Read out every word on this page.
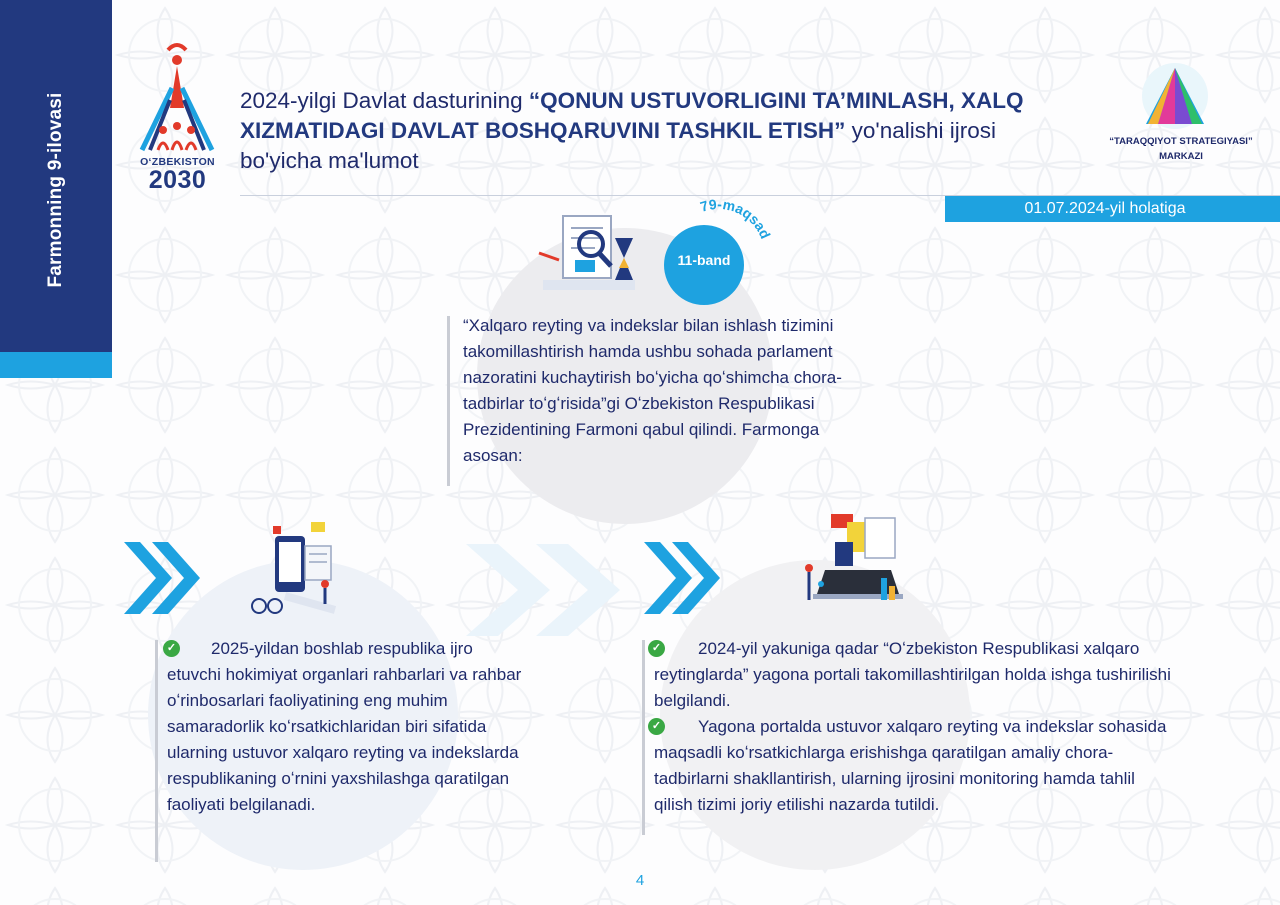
Farmonning 9-ilovasi	OʻZBEKISTON
2030
2024-yilgi Davlat dasturining “QONUN USTUVORLIGINI TA’MINLASH, XALQ XIZMATIDAGI DAVLAT BOSHQARUVINI TASHKIL ETISH” yo'nalishi ijrosi bo'yicha ma'lumot
“TARAQQIYOT STRATEGIYASI”
MARKAZI
01.07.2024-yil holatiga
11-band
79-maqsad
“Xalqaro reyting va indekslar bilan ishlash tizimini takomillashtirish hamda ushbu sohada parlament nazoratini kuchaytirish boʻyicha qoʻshimcha chora-tadbirlar toʻgʻrisida”gi Oʻzbekiston Respublikasi Prezidentining Farmoni qabul qilindi. Farmonga asosan:
✓	2025-yildan boshlab respublika ijro etuvchi hokimiyat organlari rahbarlari va rahbar oʻrinbosarlari faoliyatining eng muhim samaradorlik koʻrsatkichlaridan biri sifatida ularning ustuvor xalqaro reyting va indekslarda respublikaning oʻrnini yaxshilashga qaratilgan faoliyati belgilanadi.
✓	2024-yil yakuniga qadar “Oʻzbekiston Respublikasi xalqaro reytinglarda” yagona portali takomillashtirilgan holda ishga tushirilishi belgilandi.
✓	Yagona portalda ustuvor xalqaro reyting va indekslar sohasida maqsadli koʻrsatkichlarga erishishga qaratilgan amaliy chora-tadbirlarni shakllantirish, ularning ijrosini monitoring hamda tahlil qilish tizimi joriy etilishi nazarda tutildi.
4
